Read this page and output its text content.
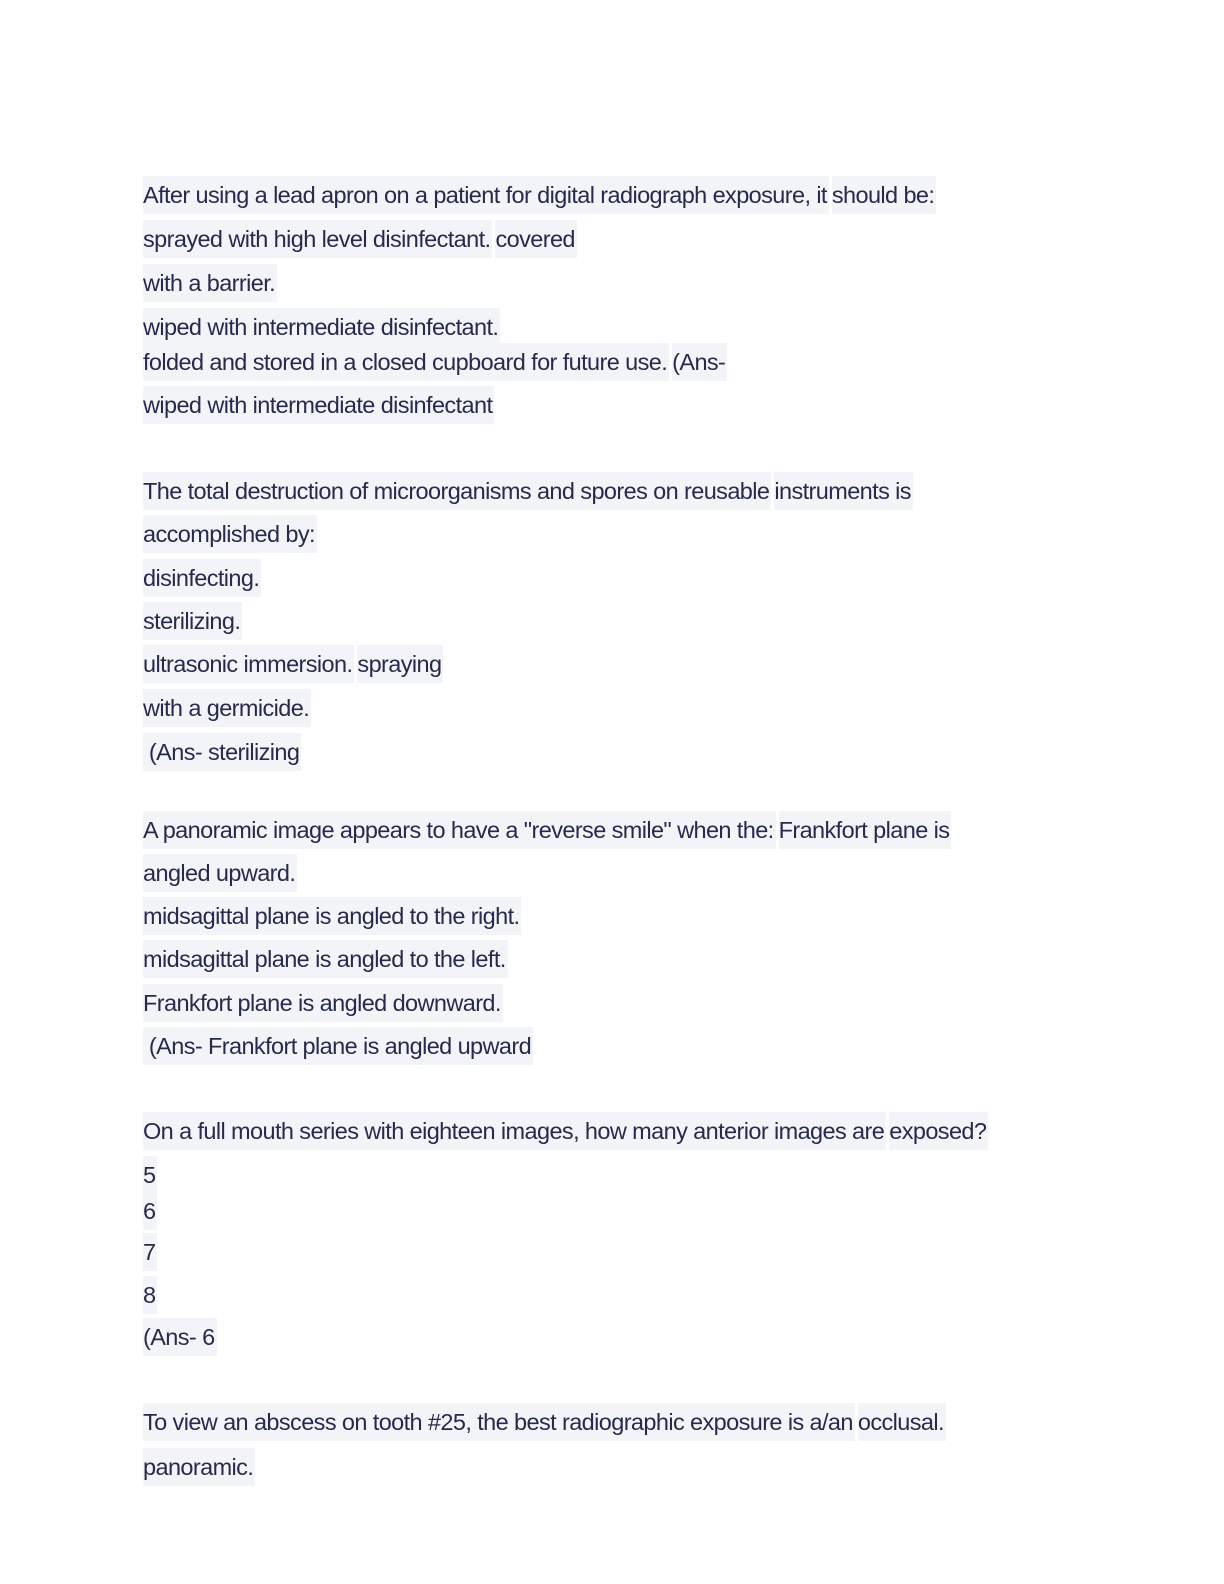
After using a lead apron on a patient for digital radiograph exposure, it should be:
sprayed with high level disinfectant. covered
with a barrier.
wiped with intermediate disinfectant.
folded and stored in a closed cupboard for future use. (Ans-
wiped with intermediate disinfectant
The total destruction of microorganisms and spores on reusable instruments is
accomplished by:
disinfecting.
sterilizing.
ultrasonic immersion. spraying
with a germicide.
(Ans- sterilizing
A panoramic image appears to have a "reverse smile" when the: Frankfort plane is
angled upward.
midsagittal plane is angled to the right.
midsagittal plane is angled to the left.
Frankfort plane is angled downward.
(Ans- Frankfort plane is angled upward
On a full mouth series with eighteen images, how many anterior images are exposed?
5
6
7
8
(Ans- 6
To view an abscess on tooth #25, the best radiographic exposure is a/an occlusal.
panoramic.
